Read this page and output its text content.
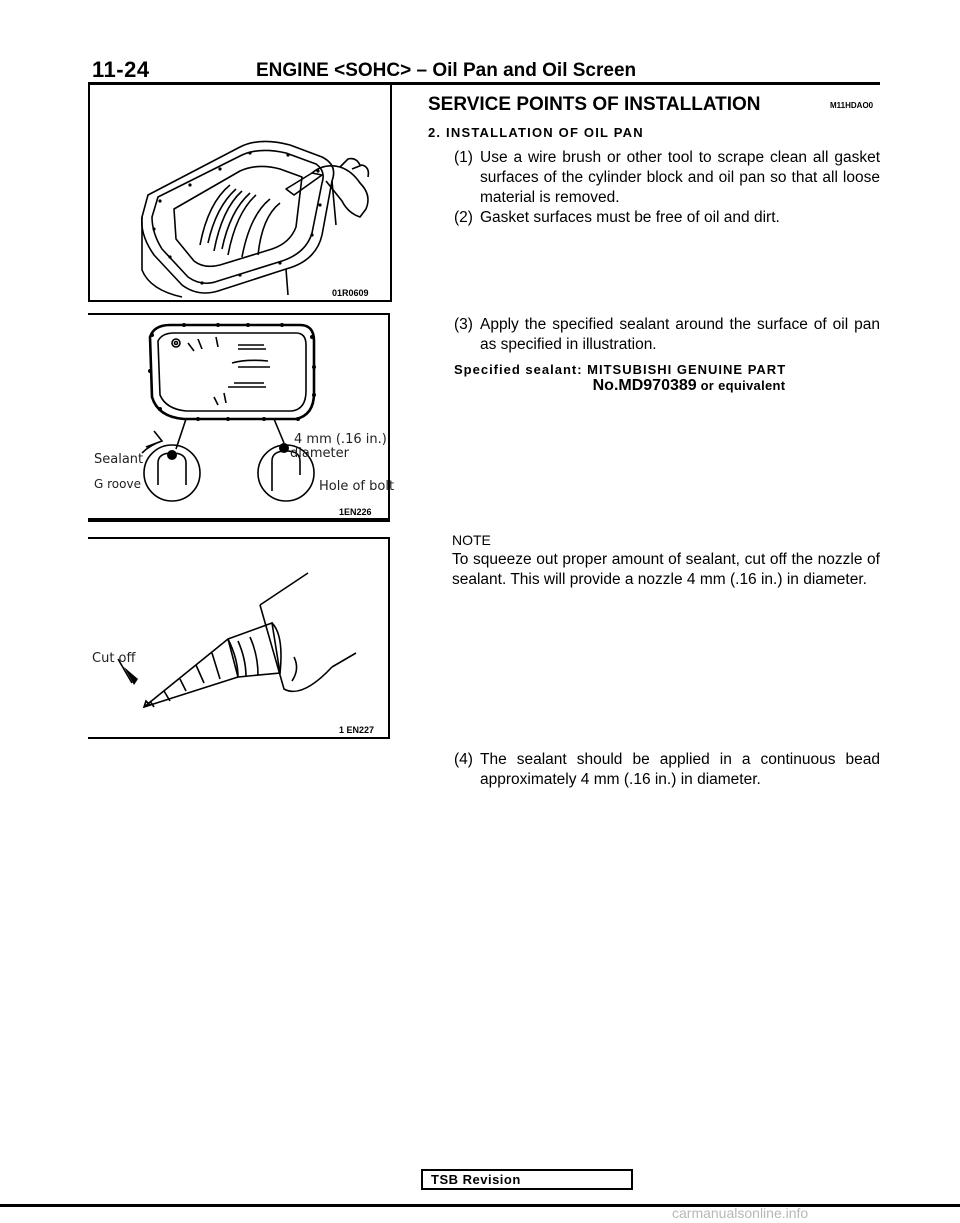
11-24	ENGINE <SOHC> – Oil Pan and Oil Screen
01R0609
Sealant
4 mm (.16 in.)
diameter
G roove	Hole of bolt
1EN226
Cut off
1 EN227
SERVICE POINTS OF INSTALLATION	M11HDAO0
2. INSTALLATION OF OIL PAN
(1) Use a wire brush or other tool to scrape clean all gasket surfaces of the cylinder block and oil pan so that all loose material is removed.
(2) Gasket surfaces must be free of oil and dirt.
(3) Apply the specified sealant around the surface of oil pan as specified in illustration.
Specified sealant: MITSUBISHI GENUINE PART
No.MD970389 or equivalent
NOTE
To squeeze out proper amount of sealant, cut off the nozzle of sealant. This will provide a nozzle 4 mm (.16 in.) in diameter.
(4) The sealant should be applied in a continuous bead approximately 4 mm (.16 in.) in diameter.
TSB Revision
carmanualsonline.info
